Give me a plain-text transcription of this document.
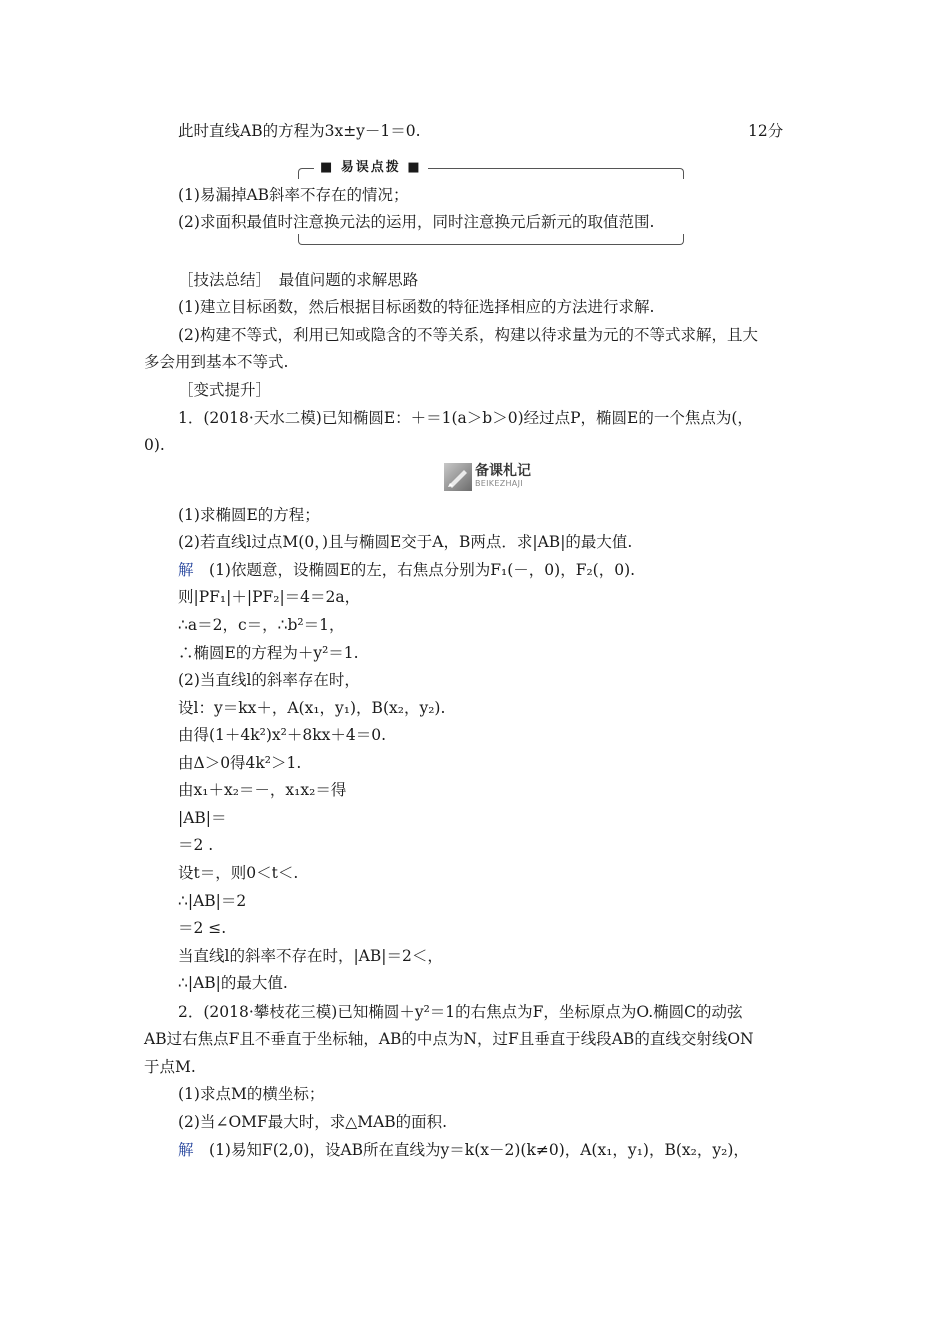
此时直线AB的方程为3x±y－1＝0.	12分
■ 易误点拨 ■
(1)易漏掉AB斜率不存在的情况；
(2)求面积最值时注意换元法的运用，同时注意换元后新元的取值范围.
［技法总结］　最值问题的求解思路
(1)建立目标函数，然后根据目标函数的特征选择相应的方法进行求解.
(2)构建不等式，利用已知或隐含的不等关系，构建以待求量为元的不等式求解，且大
多会用到基本不等式.
［变式提升］
1．(2018·天水二模)已知椭圆E：＋＝1(a＞b＞0)经过点P，椭圆E的一个焦点为(，
0).
备课札记
BEIKEZHAJI
(1)求椭圆E的方程；
(2)若直线l过点M(0，)且与椭圆E交于A，B两点．求|AB|的最大值.
解　(1)依题意，设椭圆E的左，右焦点分别为F₁(－，0)，F₂(，0).
则|PF₁|＋|PF₂|＝4＝2a，
∴a＝2，c＝，∴b²＝1，
∴椭圆E的方程为＋y²＝1.
(2)当直线l的斜率存在时，
设l：y＝kx＋，A(x₁，y₁)，B(x₂，y₂).
由得(1＋4k²)x²＋8kx＋4＝0.
由Δ＞0得4k²＞1.
由x₁＋x₂＝－，x₁x₂＝得
|AB|＝
＝2 .
设t＝，则0＜t＜.
∴|AB|＝2
＝2 ≤.
当直线l的斜率不存在时，|AB|＝2＜，
∴|AB|的最大值.
2．(2018·攀枝花三模)已知椭圆＋y²＝1的右焦点为F，坐标原点为O.椭圆C的动弦
AB过右焦点F且不垂直于坐标轴，AB的中点为N，过F且垂直于线段AB的直线交射线ON
于点M.
(1)求点M的横坐标；
(2)当∠OMF最大时，求△MAB的面积.
解　(1)易知F(2,0)，设AB所在直线为y＝k(x－2)(k≠0)，A(x₁，y₁)，B(x₂，y₂)，
